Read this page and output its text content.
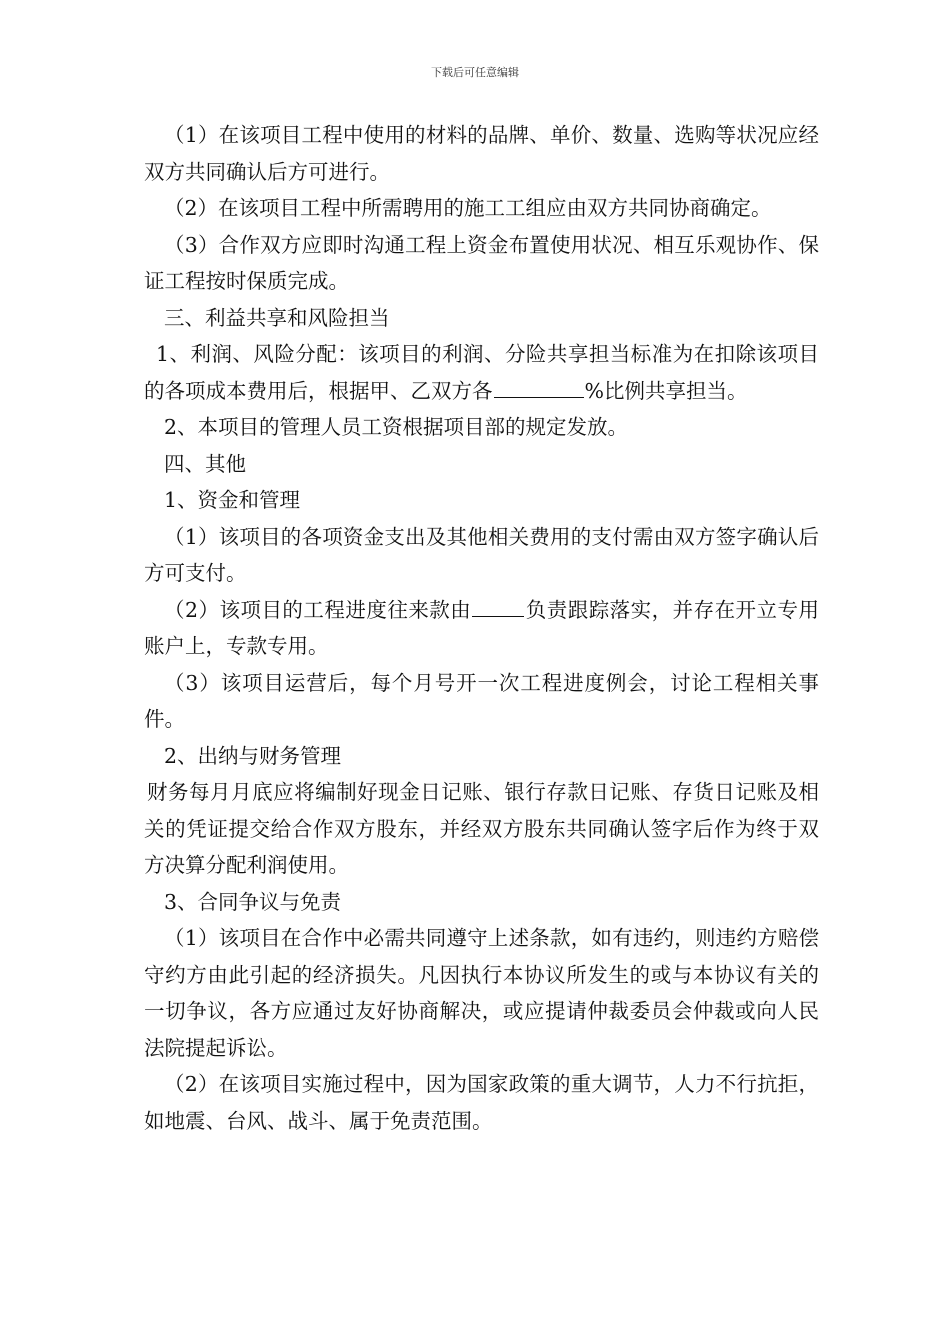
下载后可任意编辑

（1）在该项目工程中使用的材料的品牌、单价、数量、选购等状况应经双方共同确认后方可进行。

（2）在该项目工程中所需聘用的施工工组应由双方共同协商确定。

（3）合作双方应即时沟通工程上资金布置使用状况、相互乐观协作、保证工程按时保质完成。

三、利益共享和风险担当

1、利润、风险分配：该项目的利润、分险共享担当标准为在扣除该项目的各项成本费用后，根据甲、乙双方各	%比例共享担当。

2、本项目的管理人员工资根据项目部的规定发放。

四、其他

1、资金和管理

（1）该项目的各项资金支出及其他相关费用的支付需由双方签字确认后方可支付。

（2）该项目的工程进度往来款由	负责跟踪落实，并存在开立专用账户上，专款专用。

（3）该项目运营后，每个月号开一次工程进度例会，讨论工程相关事件。

2、出纳与财务管理

财务每月月底应将编制好现金日记账、银行存款日记账、存货日记账及相关的凭证提交给合作双方股东，并经双方股东共同确认签字后作为终于双方决算分配利润使用。

3、合同争议与免责

（1）该项目在合作中必需共同遵守上述条款，如有违约，则违约方赔偿守约方由此引起的经济损失。凡因执行本协议所发生的或与本协议有关的一切争议，各方应通过友好协商解决，或应提请仲裁委员会仲裁或向人民法院提起诉讼。

（2）在该项目实施过程中，因为国家政策的重大调节，人力不行抗拒，如地震、台风、战斗、属于免责范围。
